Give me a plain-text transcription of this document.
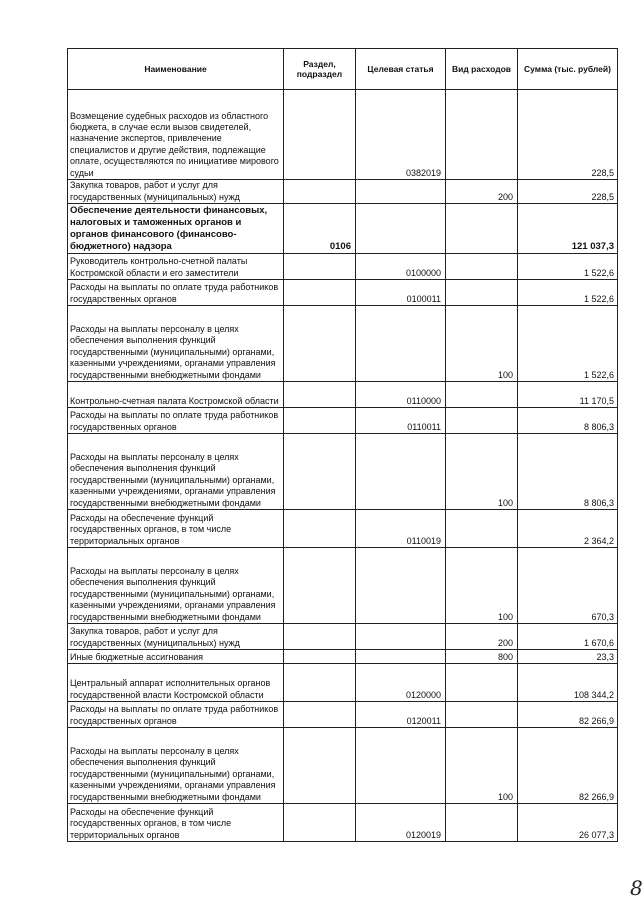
Наименование	Раздел, подраздел	Целевая статья	Вид расходов	Сумма (тыс. рублей)
Возмещение судебных расходов из областного бюджета, в случае если вызов свидетелей, назначение экспертов, привлечение специалистов и другие действия, подлежащие оплате, осуществляются по инициативе мирового судьи		0382019		228,5
Закупка товаров, работ и услуг для государственных (муниципальных) нужд			200	228,5
Обеспечение деятельности финансовых, налоговых и таможенных органов и органов финансового (финансово-бюджетного) надзора	0106			121 037,3
Руководитель контрольно-счетной палаты Костромской области и его заместители		0100000		1 522,6
Расходы на выплаты по оплате труда работников государственных органов		0100011		1 522,6
Расходы на выплаты персоналу в целях обеспечения выполнения функций государственными (муниципальными) органами, казенными учреждениями, органами управления государственными внебюджетными фондами			100	1 522,6
Контрольно-счетная палата Костромской области		0110000		11 170,5
Расходы на выплаты по оплате труда работников государственных органов		0110011		8 806,3
Расходы на выплаты персоналу в целях обеспечения выполнения функций государственными (муниципальными) органами, казенными учреждениями, органами управления государственными внебюджетными фондами			100	8 806,3
Расходы на обеспечение функций государственных органов, в том числе территориальных органов		0110019		2 364,2
Расходы на выплаты персоналу в целях обеспечения выполнения функций государственными (муниципальными) органами, казенными учреждениями, органами управления государственными внебюджетными фондами			100	670,3
Закупка товаров, работ и услуг для государственных (муниципальных) нужд			200	1 670,6
Иные бюджетные ассигнования			800	23,3
Центральный аппарат исполнительных органов государственной власти Костромской области		0120000		108 344,2
Расходы на выплаты по оплате труда работников государственных органов		0120011		82 266,9
Расходы на выплаты персоналу в целях обеспечения выполнения функций государственными (муниципальными) органами, казенными учреждениями, органами управления государственными внебюджетными фондами			100	82 266,9
Расходы на обеспечение функций государственных органов, в том числе территориальных органов		0120019		26 077,3
8
